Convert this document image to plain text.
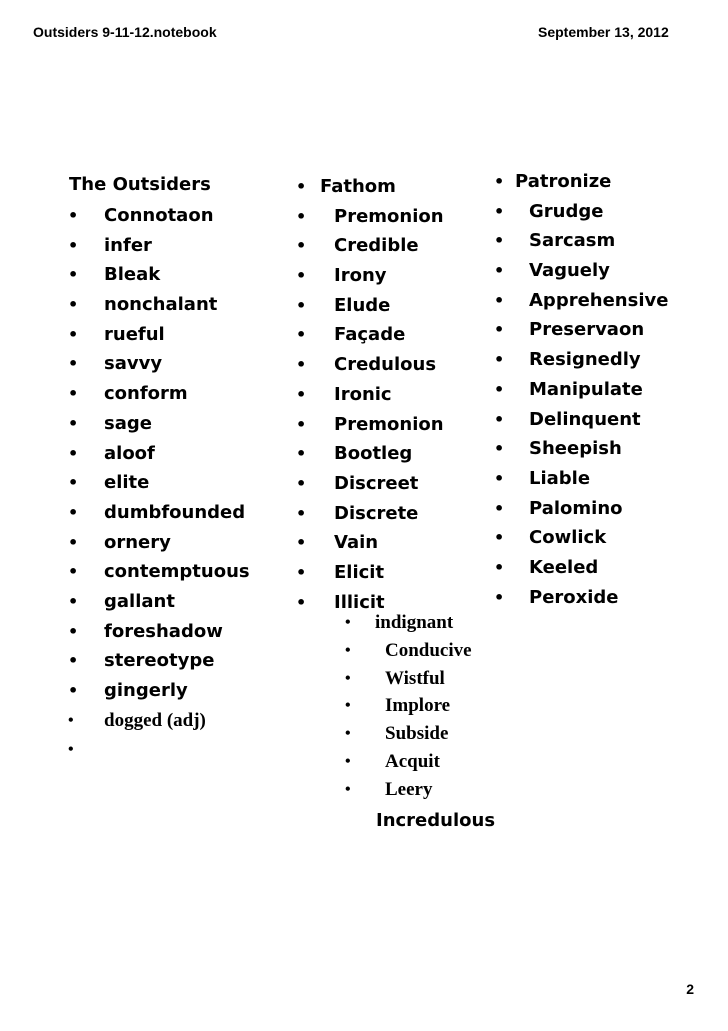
Outsiders 9-11-12.notebook	September 13, 2012
The Outsiders
• Connotaon
• infer
• Bleak
• nonchalant
• rueful
• savvy
• conform
• sage
• aloof
• elite
• dumbfounded
• ornery
• contemptuous
• gallant
• foreshadow
• stereotype
• gingerly
• dogged (adj)
•
• Fathom
• Premonion
• Credible
• Irony
• Elude
• Façade
• Credulous
• Ironic
• Premonion
• Bootleg
• Discreet
• Discrete
• Vain
• Elicit
• Illicit
• Patronize
• Grudge
• Sarcasm
• Vaguely
• Apprehensive
• Preservaon
• Resignedly
• Manipulate
• Delinquent
• Sheepish
• Liable
• Palomino
• Cowlick
• Keeled
• Peroxide
• indignant
• Conducive
• Wistful
• Implore
• Subside
• Acquit
• Leery
Incredulous
2
